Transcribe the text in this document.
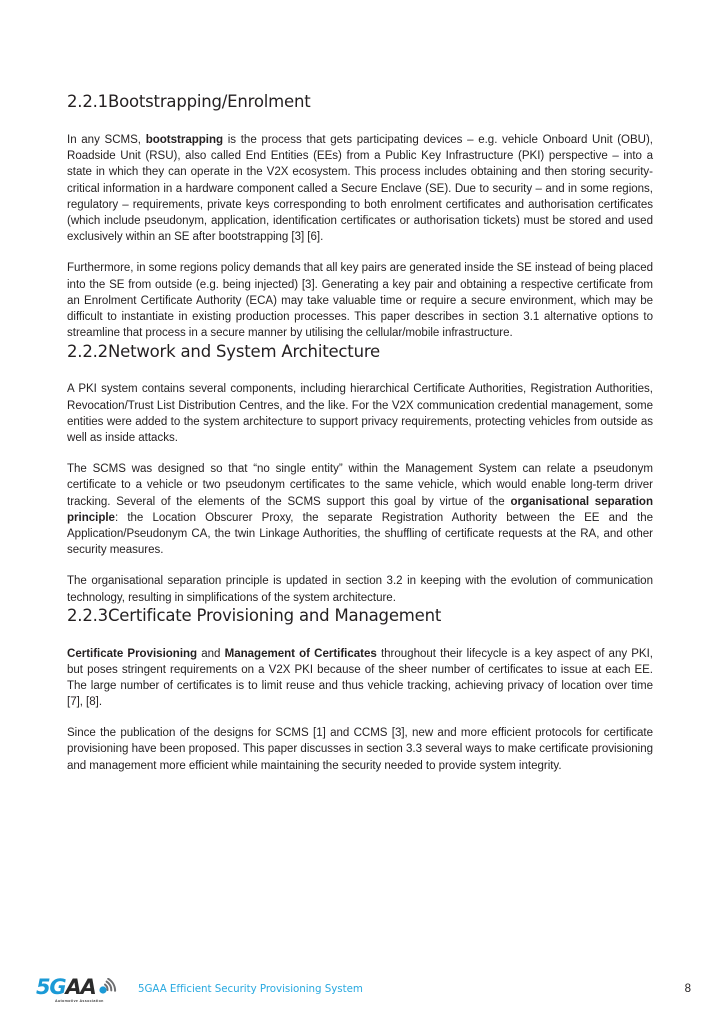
2.2.1Bootstrapping/Enrolment

In any SCMS, bootstrapping is the process that gets participating devices – e.g. vehicle Onboard Unit (OBU), Roadside Unit (RSU), also called End Entities (EEs) from a Public Key Infrastructure (PKI) perspective – into a state in which they can operate in the V2X ecosystem. This process includes obtaining and then storing security-critical information in a hardware component called a Secure Enclave (SE). Due to security – and in some regions, regulatory – requirements, private keys corresponding to both enrolment certificates and authorisation certificates (which include pseudonym, application, identification certificates or authorisation tickets) must be stored and used exclusively within an SE after bootstrapping [3] [6].

Furthermore, in some regions policy demands that all key pairs are generated inside the SE instead of being placed into the SE from outside (e.g. being injected) [3]. Generating a key pair and obtaining a respective certificate from an Enrolment Certificate Authority (ECA) may take valuable time or require a secure environment, which may be difficult to instantiate in existing production processes. This paper describes in section 3.1 alternative options to streamline that process in a secure manner by utilising the cellular/mobile infrastructure.

2.2.2Network and System Architecture

A PKI system contains several components, including hierarchical Certificate Authorities, Registration Authorities, Revocation/Trust List Distribution Centres, and the like. For the V2X communication credential management, some entities were added to the system architecture to support privacy requirements, protecting vehicles from outside as well as inside attacks.

The SCMS was designed so that “no single entity” within the Management System can relate a pseudonym certificate to a vehicle or two pseudonym certificates to the same vehicle, which would enable long-term driver tracking. Several of the elements of the SCMS support this goal by virtue of the organisational separation principle: the Location Obscurer Proxy, the separate Registration Authority between the EE and the Application/Pseudonym CA, the twin Linkage Authorities, the shuffling of certificate requests at the RA, and other security measures.

The organisational separation principle is updated in section 3.2 in keeping with the evolution of communication technology, resulting in simplifications of the system architecture.

2.2.3Certificate Provisioning and Management

Certificate Provisioning and Management of Certificates throughout their lifecycle is a key aspect of any PKI, but poses stringent requirements on a V2X PKI because of the sheer number of certificates to issue at each EE. The large number of certificates is to limit reuse and thus vehicle tracking, achieving privacy of location over time [7], [8].

Since the publication of the designs for SCMS [1] and CCMS [3], new and more efficient protocols for certificate provisioning have been proposed. This paper discusses in section 3.3 several ways to make certificate provisioning and management more efficient while maintaining the security needed to provide system integrity.

5GAA
Automotive Association
5GAA Efficient Security Provisioning System	8
